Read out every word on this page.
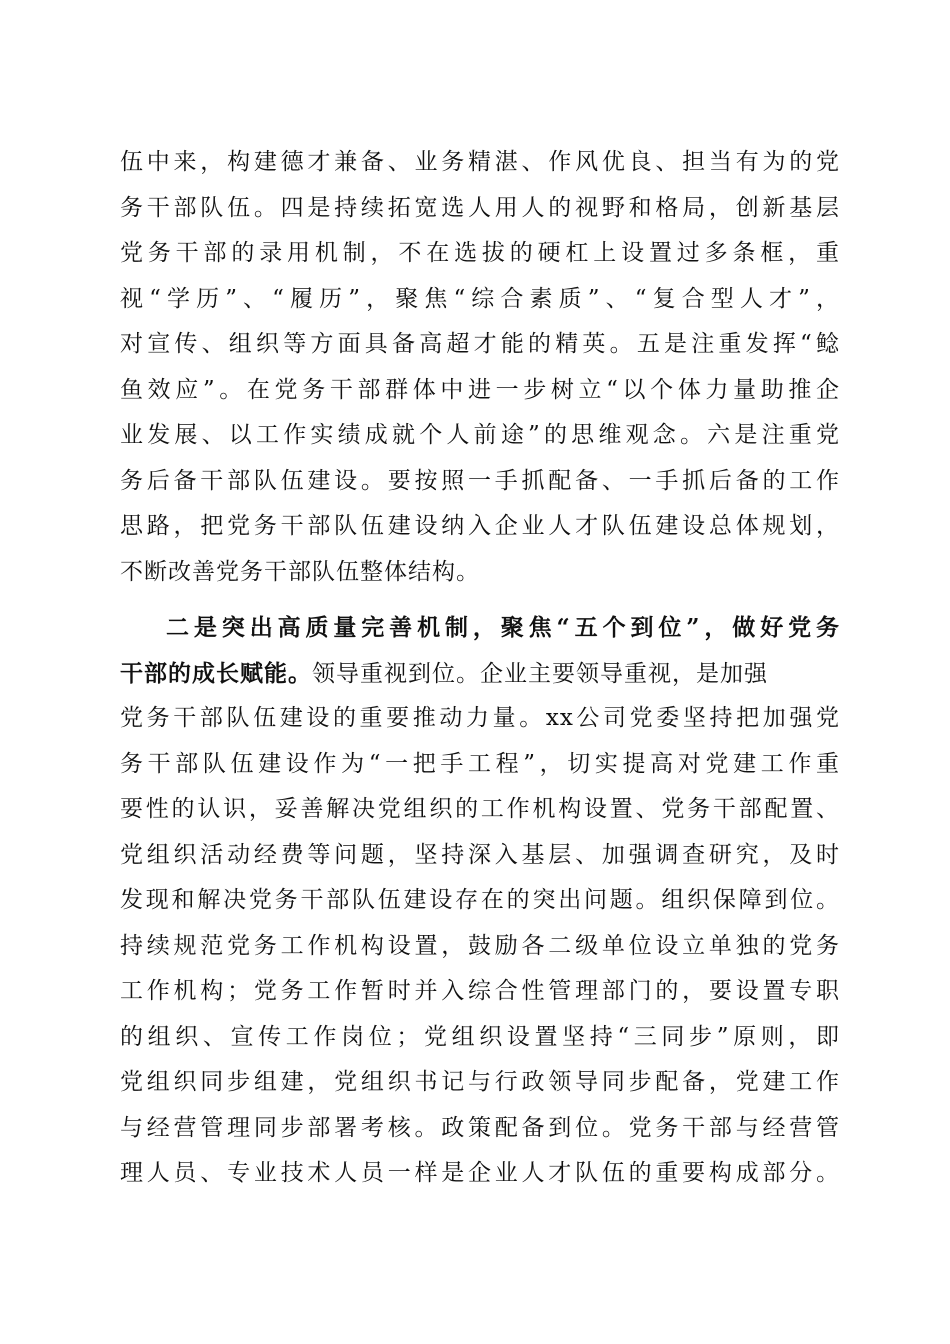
伍中来，构建德才兼备、业务精湛、作风优良、担当有为的党
务干部队伍。四是持续拓宽选人用人的视野和格局，创新基层
党务干部的录用机制，不在选拔的硬杠上设置过多条框，重
视“学历”、“履历”，聚焦“综合素质”、“复合型人才”，
对宣传、组织等方面具备高超才能的精英。五是注重发挥“鲶
鱼效应”。在党务干部群体中进一步树立“以个体力量助推企
业发展、以工作实绩成就个人前途”的思维观念。六是注重党
务后备干部队伍建设。要按照一手抓配备、一手抓后备的工作
思路，把党务干部队伍建设纳入企业人才队伍建设总体规划，
不断改善党务干部队伍整体结构。
二是突出高质量完善机制，聚焦“五个到位”，做好党务
干部的成长赋能。领导重视到位。企业主要领导重视，是加强
党务干部队伍建设的重要推动力量。xx公司党委坚持把加强党
务干部队伍建设作为“一把手工程”，切实提高对党建工作重
要性的认识，妥善解决党组织的工作机构设置、党务干部配置、
党组织活动经费等问题，坚持深入基层、加强调查研究，及时
发现和解决党务干部队伍建设存在的突出问题。组织保障到位。
持续规范党务工作机构设置，鼓励各二级单位设立单独的党务
工作机构；党务工作暂时并入综合性管理部门的，要设置专职
的组织、宣传工作岗位；党组织设置坚持“三同步”原则，即
党组织同步组建，党组织书记与行政领导同步配备，党建工作
与经营管理同步部署考核。政策配备到位。党务干部与经营管
理人员、专业技术人员一样是企业人才队伍的重要构成部分。
